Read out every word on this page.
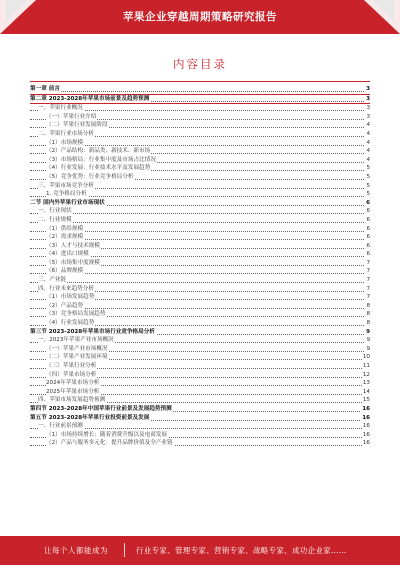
苹果企业穿越周期策略研究报告
内容目录
第一章 前言	3
第二章 2023-2028年苹果市场前景及趋势预测	3
一、苹果行业概况	3
（一）苹果行业介绍	3
（二）苹果行业发展阶段	4
二、苹果行业市场分析	4
（1）市场规模	4
（2）产品结构：新品类、新技术、新市场	4
（3）市场格局：行业集中度及市场占比情况	4
（4）行业发展：行业技术水平及发展趋势	5
（5）竞争优势：行业竞争格局分析	5
三、苹果市场竞争分析	5
1. 竞争格局分析	5
二节 国内外苹果行业市场现状	6
一、行业现状	6
二、行业规模	6
（1）供给规模	6
（2）需求规模	6
（3）人才与技术规模	6
（4）进出口规模	6
（5）市场集中度规模	7
（6）品牌规模	7
三、产业链	7
四、行业未来趋势分析	7
（1）市场发展趋势	7
（2）产品趋势	8
（3）竞争格局发展趋势	8
（4）行业发展趋势	8
第三节 2023-2028年苹果市场行业竞争格局分析	9
一、2023年苹果产业市场概况	9
（一）苹果产业市场概况	9
（二）苹果产业发展环境	10
（三）苹果行业分析	11
（四）苹果市场分析	12
2024年苹果市场分析	13
2025年苹果市场分析	14
四、苹果市场发展趋势预测	15
第四节 2023-2028年中国苹果行业前景及发展趋势预测	16
第五节 2023-2028年苹果行业投资前景及发展	16
一、行业前景预测	16
（1）市场持续增长：随着消费升级以及电商发展	16
（2）产品与服务多元化：提升品牌价值及全产业链	16
让每个人都能成为	行业专家、管理专家、营销专家、战略专家、成功企业家……
